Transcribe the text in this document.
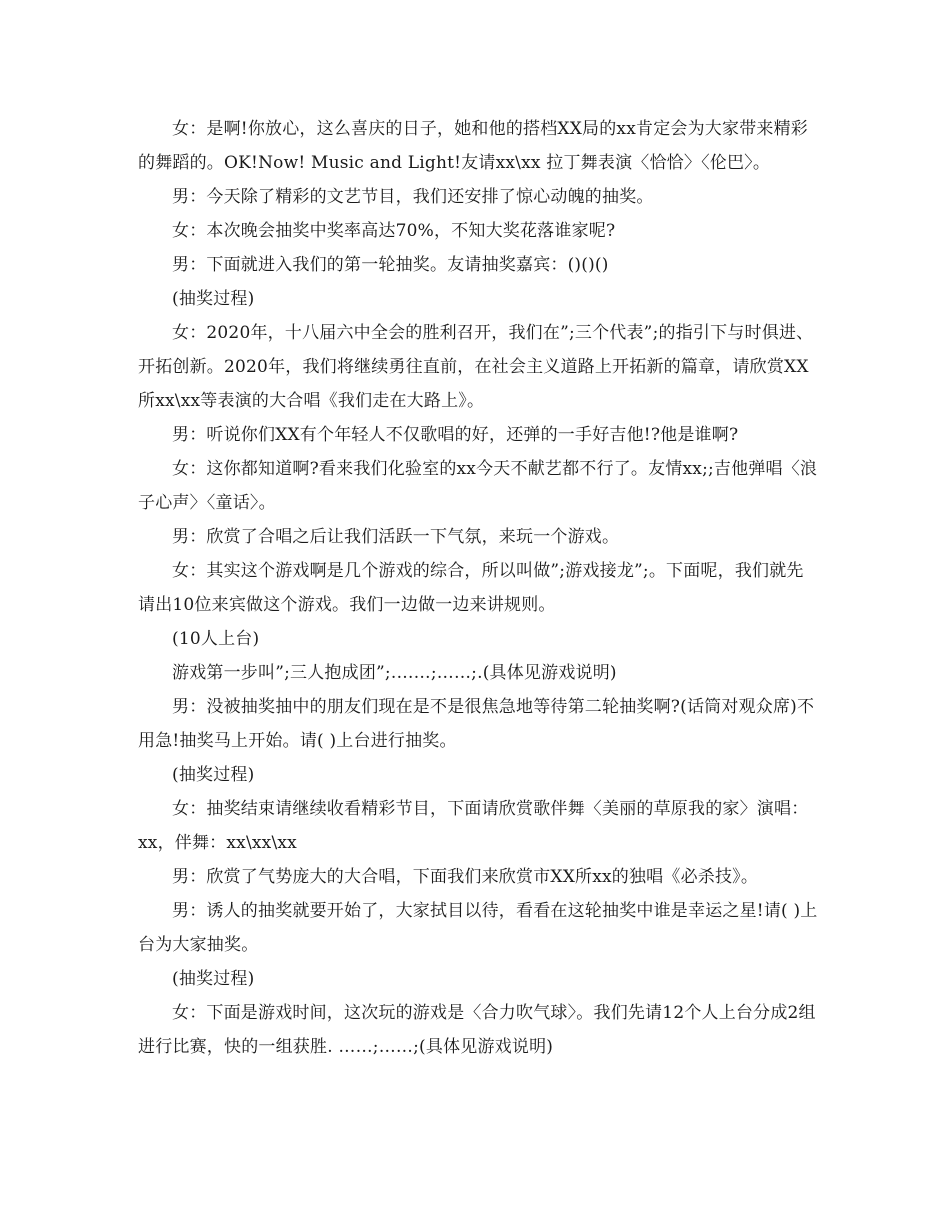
女：是啊!你放心，这么喜庆的日子，她和他的搭档XX局的xx肯定会为大家带来精彩的舞蹈的。OK!Now! Music and Light!友请xx\xx 拉丁舞表演〈恰恰〉〈伦巴〉。

男：今天除了精彩的文艺节目，我们还安排了惊心动魄的抽奖。

女：本次晚会抽奖中奖率高达70%，不知大奖花落谁家呢?

男：下面就进入我们的第一轮抽奖。友请抽奖嘉宾：()()()

(抽奖过程)

女：2020年，十八届六中全会的胜利召开，我们在”;三个代表”;的指引下与时俱进、开拓创新。2020年，我们将继续勇往直前，在社会主义道路上开拓新的篇章，请欣赏XX所xx\xx等表演的大合唱《我们走在大路上》。

男：听说你们XX有个年轻人不仅歌唱的好，还弹的一手好吉他!?他是谁啊?

女：这你都知道啊?看来我们化验室的xx今天不献艺都不行了。友情xx;;吉他弹唱〈浪子心声〉〈童话〉。

男：欣赏了合唱之后让我们活跃一下气氛，来玩一个游戏。

女：其实这个游戏啊是几个游戏的综合，所以叫做”;游戏接龙”;。下面呢，我们就先请出10位来宾做这个游戏。我们一边做一边来讲规则。

(10人上台)

游戏第一步叫”;三人抱成团”;.……;……;.(具体见游戏说明)

男：没被抽奖抽中的朋友们现在是不是很焦急地等待第二轮抽奖啊?(话筒对观众席)不用急!抽奖马上开始。请( )上台进行抽奖。

(抽奖过程)

女：抽奖结束请继续收看精彩节目，下面请欣赏歌伴舞〈美丽的草原我的家〉演唱：xx，伴舞：xx\xx\xx

男：欣赏了气势庞大的大合唱，下面我们来欣赏市XX所xx的独唱《必杀技》。

男：诱人的抽奖就要开始了，大家拭目以待，看看在这轮抽奖中谁是幸运之星!请( )上台为大家抽奖。

(抽奖过程)

女：下面是游戏时间，这次玩的游戏是〈合力吹气球〉。我们先请12个人上台分成2组进行比赛，快的一组获胜. ……;……;(具体见游戏说明)
